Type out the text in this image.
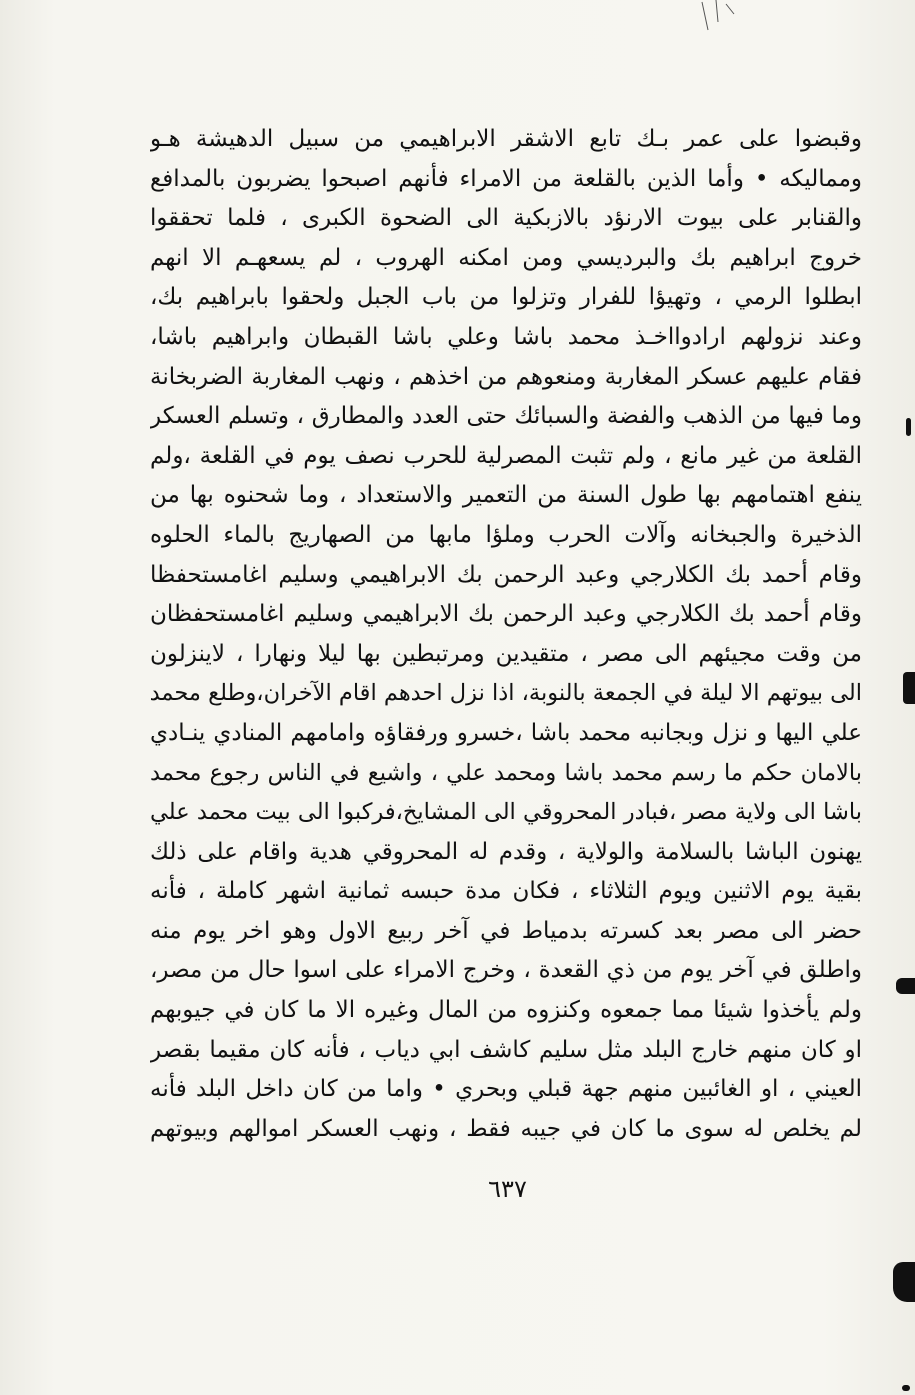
وقبضوا على عمر بـك تابع الاشقر الابراهيمي من سبيل الدهيشة هـو
ومماليكه • وأما الذين بالقلعة من الامراء فأنهم اصبحوا يضربون بالمدافع
والقنابر على بيوت الارنؤد بالازبكية الى الضحوة الكبرى ، فلما تحققوا
خروج ابراهيم بك والبرديسي ومن امكنه الهروب ، لم يسعهـم الا انهم
ابطلوا الرمي ، وتهيؤا للفرار وتزلوا من باب الجبل ولحقوا بابراهيم بك،
وعند نزولهم ارادوااخـذ محمد باشا وعلي باشا القبطان وابراهيم باشا،
فقام عليهم عسكر المغاربة ومنعوهم من اخذهم ، ونهب المغاربة الضربخانة
وما فيها من الذهب والفضة والسبائك حتى العدد والمطارق ، وتسلم العسكر
القلعة من غير مانع ، ولم تثبت المصرلية للحرب نصف يوم في القلعة ،ولم
ينفع اهتمامهم بها طول السنة من التعمير والاستعداد ، وما شحنوه بها من
الذخيرة والجبخانه وآلات الحرب وملؤا مابها من الصهاريج بالماء الحلوه
وقام أحمد بك الكلارجي وعبد الرحمن بك الابراهيمي وسليم اغامستحفظا
وقام أحمد بك الكلارجي وعبد الرحمن بك الابراهيمي وسليم اغامستحفظان
من وقت مجيئهم الى مصر ، متقيدين ومرتبطين بها ليلا ونهارا ، لاينزلون
الى بيوتهم الا ليلة في الجمعة بالنوبة، اذا نزل احدهم اقام الآخران،وطلع محمد
علي اليها و نزل وبجانبه محمد باشا ،خسرو ورفقاؤه وامامهم المنادي ينـادي
بالامان حكم ما رسم محمد باشا ومحمد علي ، واشيع في الناس رجوع محمد
باشا الى ولاية مصر ،فبادر المحروقي الى المشايخ،فركبوا الى بيت محمد علي
يهنون الباشا بالسلامة والولاية ، وقدم له المحروقي هدية واقام على ذلك
بقية يوم الاثنين ويوم الثلاثاء ، فكان مدة حبسه ثمانية اشهر كاملة ، فأنه
حضر الى مصر بعد كسرته بدمياط في آخر ربيع الاول وهو اخر يوم منه
واطلق في آخر يوم من ذي القعدة ، وخرج الامراء على اسوا حال من مصر،
ولم يأخذوا شيئا مما جمعوه وكنزوه من المال وغيره الا ما كان في جيوبهم
او كان منهم خارج البلد مثل سليم كاشف ابي دياب ، فأنه كان مقيما بقصر
العيني ، او الغائبين منهم جهة قبلي وبحري • واما من كان داخل البلد فأنه
لم يخلص له سوى ما كان في جيبه فقط ، ونهب العسكر اموالهم وبيوتهم
٦٣٧
